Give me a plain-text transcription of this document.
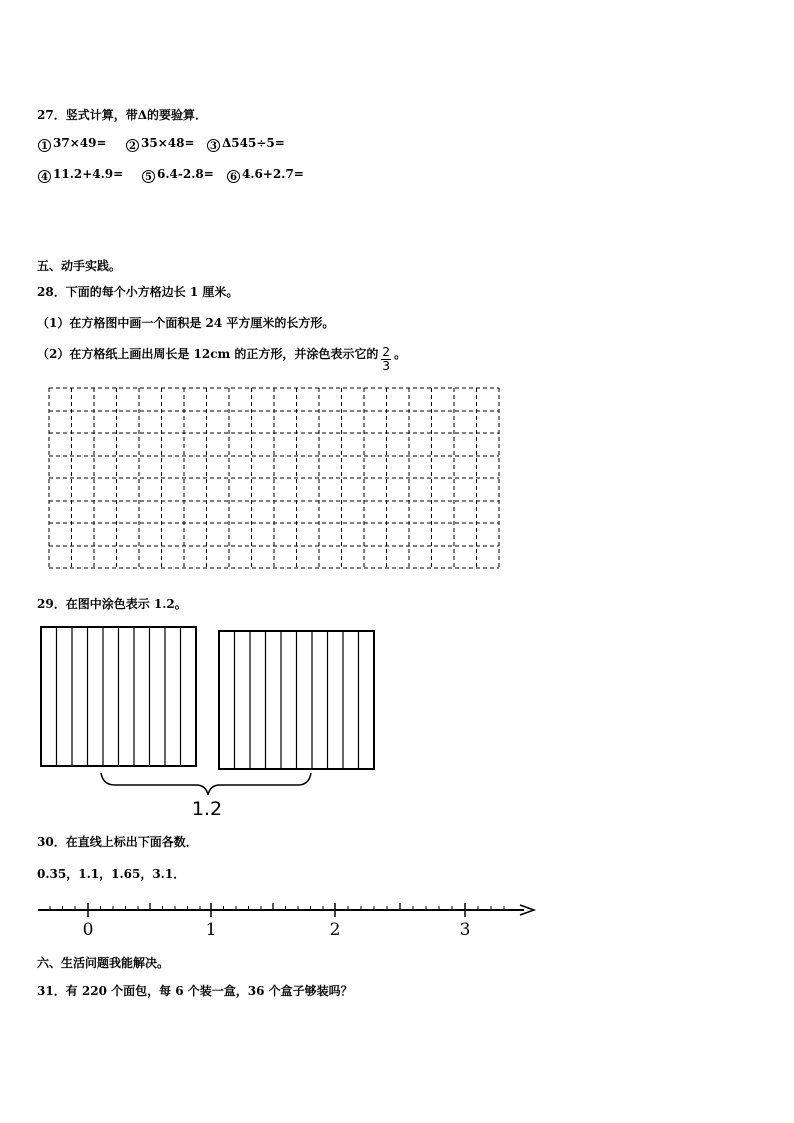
27．竖式计算，带Δ的要验算．
1 37×49=	2 35×48=	3 Δ545÷5=
4 11.2+4.9=	5 6.4-2.8=	6 4.6+2.7=
五、动手实践。
28．下面的每个小方格边长 1 厘米。
（1）在方格图中画一个面积是 24 平方厘米的长方形。
（2）在方格纸上画出周长是 12cm 的正方形，并涂色表示它的 $\frac{2}{3}$ 。
1.2
0	1	2	3
29．在图中涂色表示 1.2。
30．在直线上标出下面各数．
0.35，1.1，1.65，3.1．
六、生活问题我能解决。
31．有 220 个面包，每 6 个装一盒，36 个盒子够装吗？
